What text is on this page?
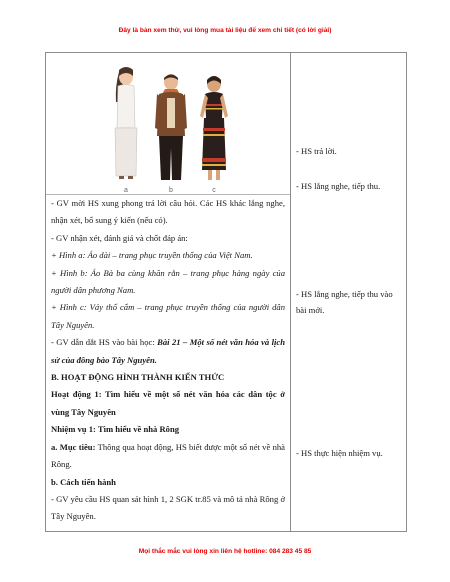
Đây là bản xem thử, vui lòng mua tài liệu để xem chi tiết (có lời giải)
a	b	c
- GV mời HS xung phong trả lời câu hỏi. Các HS khác lắng nghe, nhận xét, bổ sung ý kiến (nếu có).
- GV nhận xét, đánh giá và chốt đáp án:
+ Hình a: Áo dài – trang phục truyền thống của Việt Nam.
+ Hình b: Áo Bà ba cùng khăn rằn – trang phục hàng ngày của người dân phương Nam.
+ Hình c: Váy thổ cẩm – trang phục truyền thống của người dân Tây Nguyên.
- GV dẫn dắt HS vào bài học: Bài 21 – Một số nét văn hóa và lịch sử của đồng bào Tây Nguyên.
B. HOẠT ĐỘNG HÌNH THÀNH KIẾN THỨC
Hoạt động 1: Tìm hiểu về một số nét văn hóa các dân tộc ở vùng Tây Nguyên
Nhiệm vụ 1: Tìm hiểu về nhà Rông
a. Mục tiêu: Thông qua hoạt động, HS biết được một số nét về nhà Rông.
b. Cách tiến hành
- GV yêu cầu HS quan sát hình 1, 2 SGK tr.85 và mô tả nhà Rông ở Tây Nguyên.
- HS trả lời.
- HS lắng nghe, tiếp thu.
- HS lắng nghe, tiếp thu vào bài mới.
- HS thực hiện nhiệm vụ.
Mọi thắc mắc vui lòng xin liên hệ hotline: 084 283 45 85
